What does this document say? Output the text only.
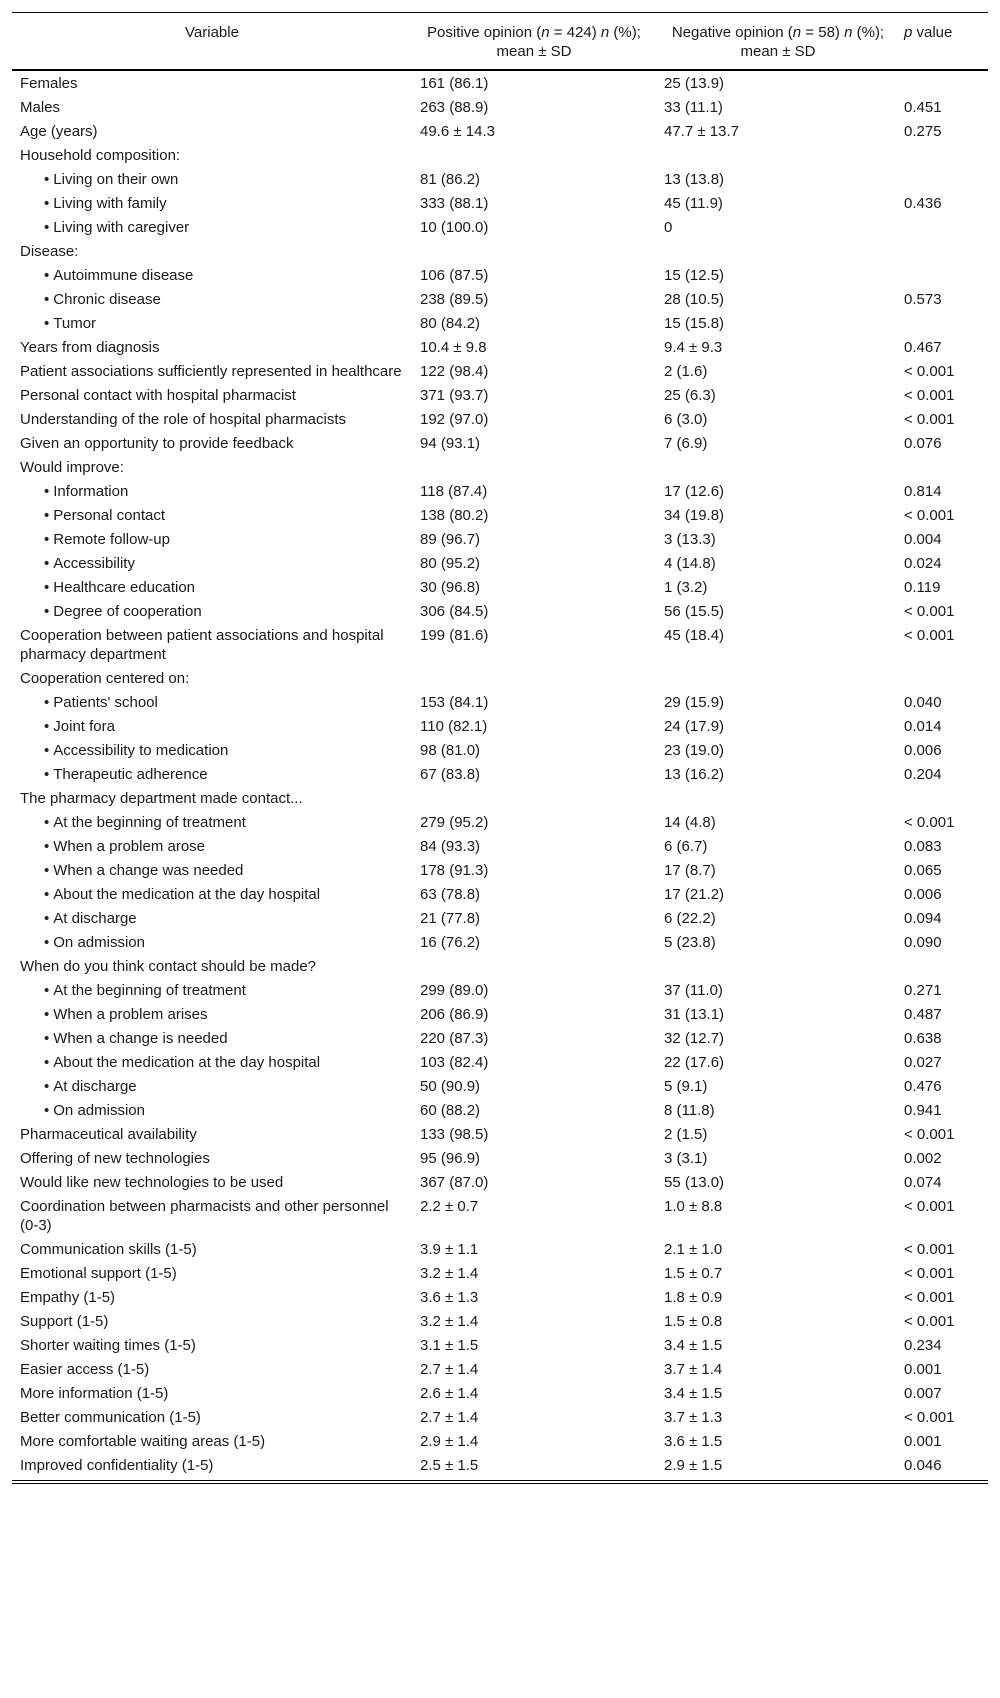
Variable	Positive opinion (n = 424) n (%); mean ± SD	Negative opinion (n = 58) n (%); mean ± SD	p value
Females	161 (86.1)	25 (13.9)	
Males	263 (88.9)	33 (11.1)	0.451
Age (years)	49.6 ± 14.3	47.7 ± 13.7	0.275
Household composition:			
• Living on their own	81 (86.2)	13 (13.8)	
• Living with family	333 (88.1)	45 (11.9)	0.436
• Living with caregiver	10 (100.0)	0	
Disease:			
• Autoimmune disease	106 (87.5)	15 (12.5)	
• Chronic disease	238 (89.5)	28 (10.5)	0.573
• Tumor	80 (84.2)	15 (15.8)	
Years from diagnosis	10.4 ± 9.8	9.4 ± 9.3	0.467
Patient associations sufficiently represented in healthcare	122 (98.4)	2 (1.6)	< 0.001
Personal contact with hospital pharmacist	371 (93.7)	25 (6.3)	< 0.001
Understanding of the role of hospital pharmacists	192 (97.0)	6 (3.0)	< 0.001
Given an opportunity to provide feedback	94 (93.1)	7 (6.9)	0.076
Would improve:			
• Information	118 (87.4)	17 (12.6)	0.814
• Personal contact	138 (80.2)	34 (19.8)	< 0.001
• Remote follow-up	89 (96.7)	3 (13.3)	0.004
• Accessibility	80 (95.2)	4 (14.8)	0.024
• Healthcare education	30 (96.8)	1 (3.2)	0.119
• Degree of cooperation	306 (84.5)	56 (15.5)	< 0.001
Cooperation between patient associations and hospital pharmacy department	199 (81.6)	45 (18.4)	< 0.001
Cooperation centered on:			
• Patients' school	153 (84.1)	29 (15.9)	0.040
• Joint fora	110 (82.1)	24 (17.9)	0.014
• Accessibility to medication	98 (81.0)	23 (19.0)	0.006
• Therapeutic adherence	67 (83.8)	13 (16.2)	0.204
The pharmacy department made contact...			
• At the beginning of treatment	279 (95.2)	14 (4.8)	< 0.001
• When a problem arose	84 (93.3)	6 (6.7)	0.083
• When a change was needed	178 (91.3)	17 (8.7)	0.065
• About the medication at the day hospital	63 (78.8)	17 (21.2)	0.006
• At discharge	21 (77.8)	6 (22.2)	0.094
• On admission	16 (76.2)	5 (23.8)	0.090
When do you think contact should be made?			
• At the beginning of treatment	299 (89.0)	37 (11.0)	0.271
• When a problem arises	206 (86.9)	31 (13.1)	0.487
• When a change is needed	220 (87.3)	32 (12.7)	0.638
• About the medication at the day hospital	103 (82.4)	22 (17.6)	0.027
• At discharge	50 (90.9)	5 (9.1)	0.476
• On admission	60 (88.2)	8 (11.8)	0.941
Pharmaceutical availability	133 (98.5)	2 (1.5)	< 0.001
Offering of new technologies	95 (96.9)	3 (3.1)	0.002
Would like new technologies to be used	367 (87.0)	55 (13.0)	0.074
Coordination between pharmacists and other personnel (0-3)	2.2 ± 0.7	1.0 ± 8.8	< 0.001
Communication skills (1-5)	3.9 ± 1.1	2.1 ± 1.0	< 0.001
Emotional support (1-5)	3.2 ± 1.4	1.5 ± 0.7	< 0.001
Empathy (1-5)	3.6 ± 1.3	1.8 ± 0.9	< 0.001
Support (1-5)	3.2 ± 1.4	1.5 ± 0.8	< 0.001
Shorter waiting times (1-5)	3.1 ± 1.5	3.4 ± 1.5	0.234
Easier access (1-5)	2.7 ± 1.4	3.7 ± 1.4	0.001
More information (1-5)	2.6 ± 1.4	3.4 ± 1.5	0.007
Better communication (1-5)	2.7 ± 1.4	3.7 ± 1.3	< 0.001
More comfortable waiting areas (1-5)	2.9 ± 1.4	3.6 ± 1.5	0.001
Improved confidentiality (1-5)	2.5 ± 1.5	2.9 ± 1.5	0.046
